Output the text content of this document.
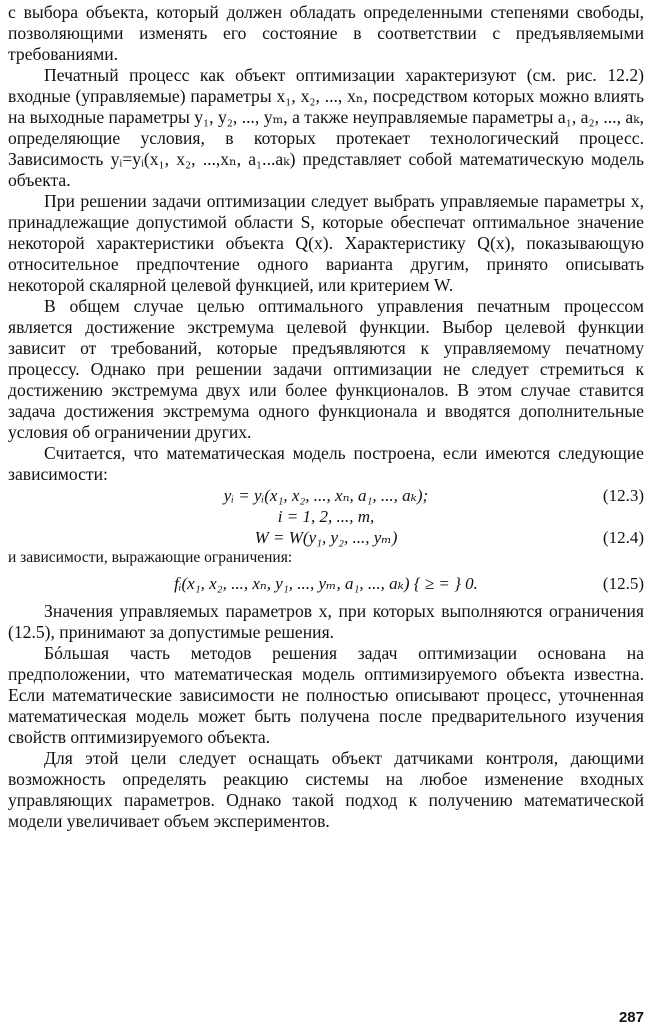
с выбора объекта, который должен обладать определенными степенями свободы, позволяющими изменять его состояние в соответствии с предъявляемыми требованиями.

Печатный процесс как объект оптимизации характеризуют (см. рис. 12.2) входные (управляемые) параметры x₁, x₂, ..., xₙ, посредством которых можно влиять на выходные параметры y₁, y₂, ..., yₘ, а также неуправляемые параметры a₁, a₂, ..., aₖ, определяющие условия, в которых протекает технологический процесс. Зависимость yᵢ=yᵢ(x₁, x₂, ...,xₙ, a₁...aₖ) представляет собой математическую модель объекта.

При решении задачи оптимизации следует выбрать управляемые параметры x, принадлежащие допустимой области S, которые обеспечат оптимальное значение некоторой характеристики объекта Q(x). Характеристику Q(x), показывающую относительное предпочтение одного варианта другим, принято описывать некоторой скалярной целевой функцией, или критерием W.

В общем случае целью оптимального управления печатным процессом является достижение экстремума целевой функции. Выбор целевой функции зависит от требований, которые предъявляются к управляемому печатному процессу. Однако при решении задачи оптимизации не следует стремиться к достижению экстремума двух или более функционалов. В этом случае ставится задача достижения экстремума одного функционала и вводятся дополнительные условия об ограничении других.

Считается, что математическая модель построена, если имеются следующие зависимости:

yᵢ = yᵢ(x₁, x₂, ..., xₙ, a₁, ..., aₖ);	(12.3)
i = 1, 2, ..., m,
W = W(y₁, y₂, ..., yₘ)	(12.4)
и зависимости, выражающие ограничения:
fᵢ(x₁, x₂, ..., xₙ, y₁, ..., yₘ, a₁, ..., aₖ) { ≥ = } 0.	(12.5)

Значения управляемых параметров x, при которых выполняются ограничения (12.5), принимают за допустимые решения.

Бóльшая часть методов решения задач оптимизации основана на предположении, что математическая модель оптимизируемого объекта известна. Если математические зависимости не полностью описывают процесс, уточненная математическая модель может быть получена после предварительного изучения свойств оптимизируемого объекта.

Для этой цели следует оснащать объект датчиками контроля, дающими возможность определять реакцию системы на любое изменение входных управляющих параметров. Однако такой подход к получению математической модели увеличивает объем экспериментов.

287
